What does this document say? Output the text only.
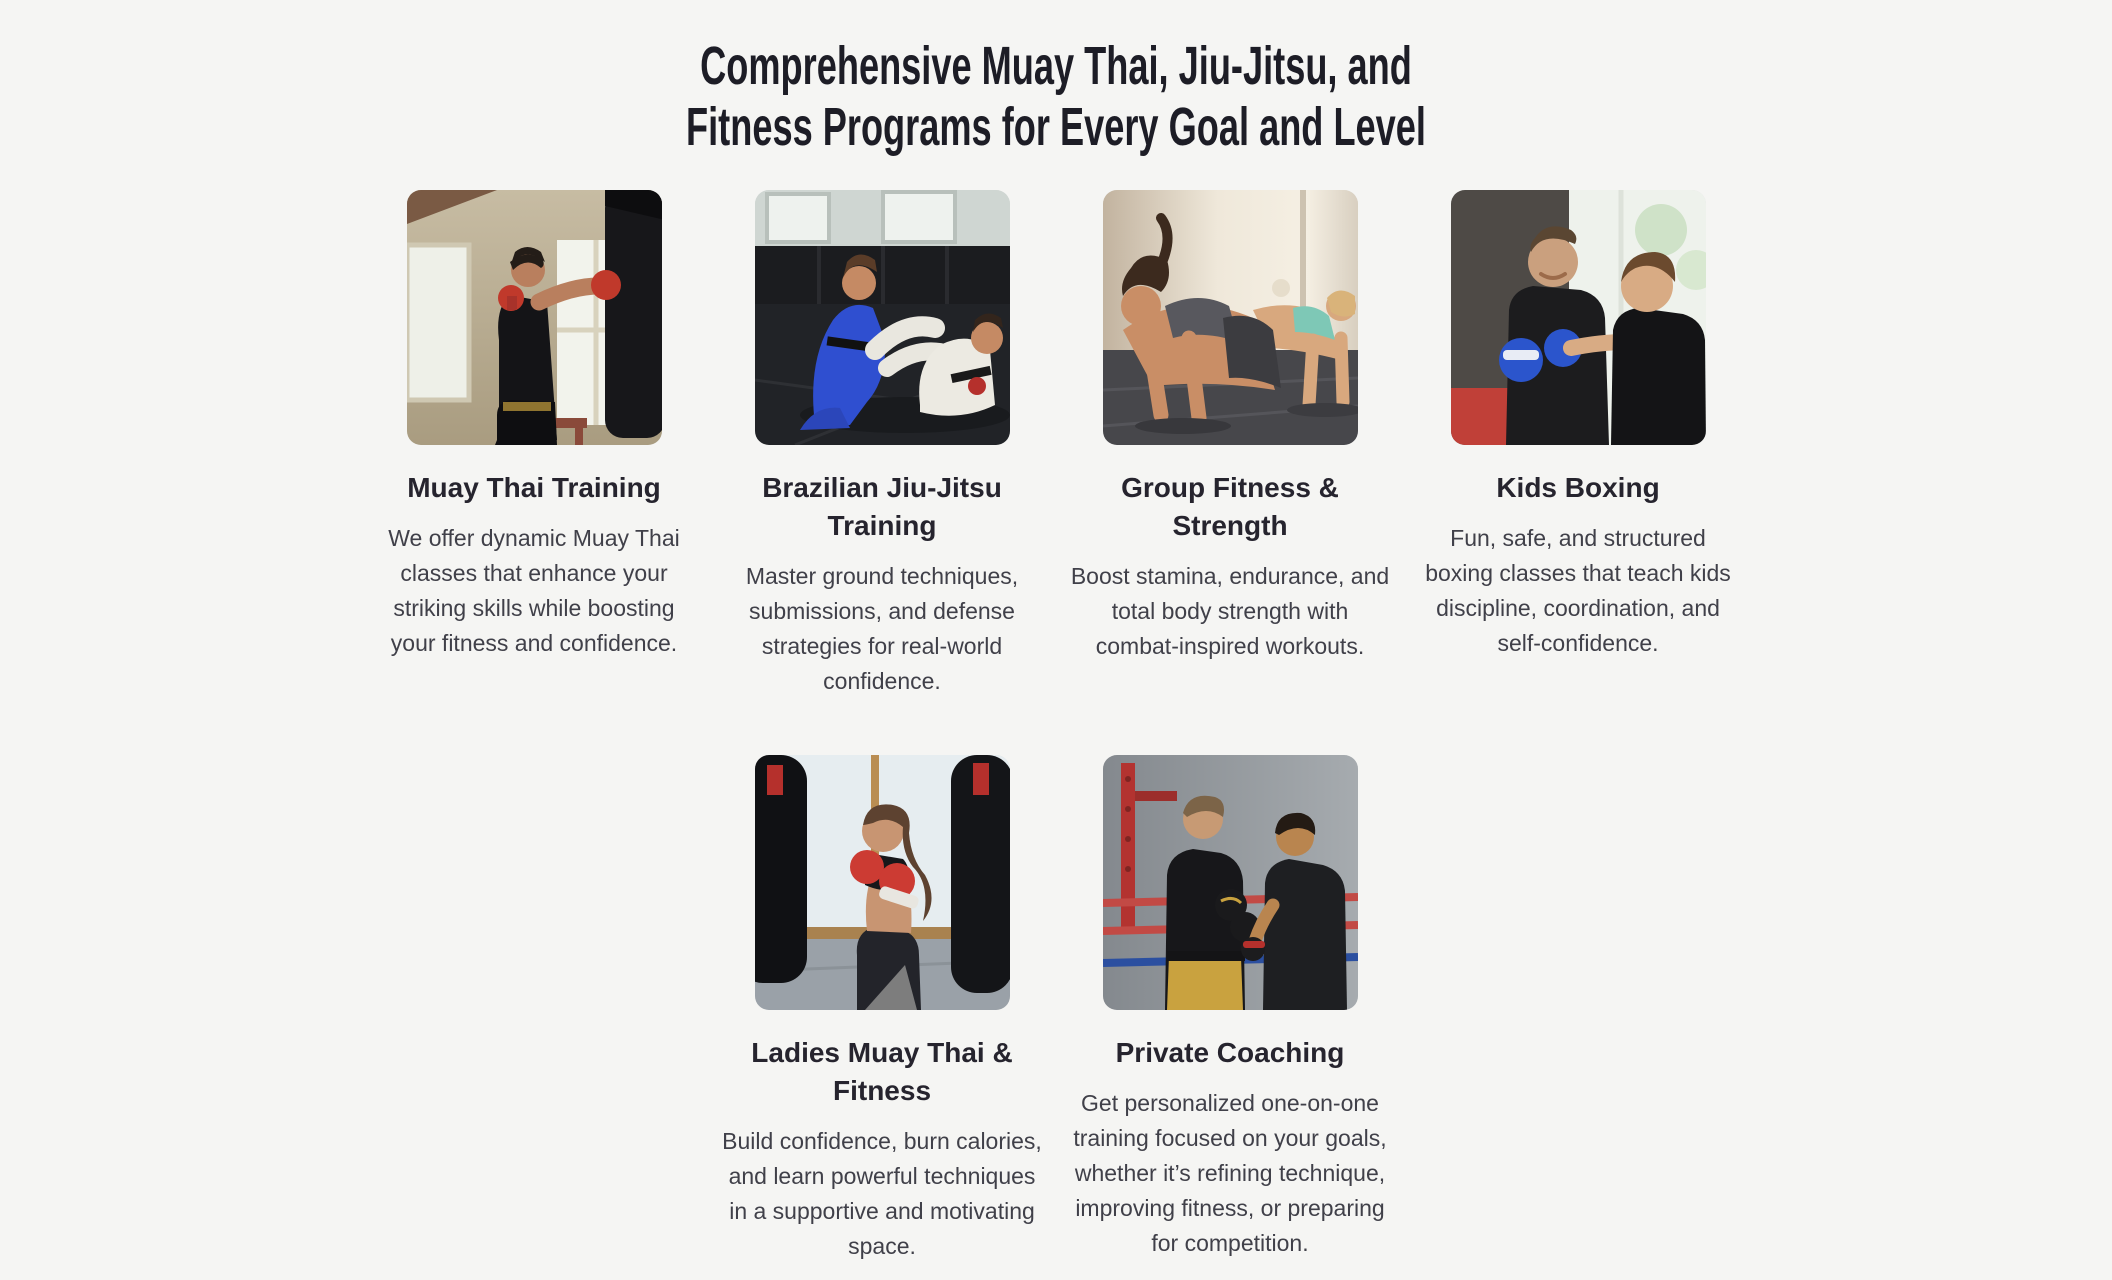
Comprehensive Muay Thai, Jiu-Jitsu, and
Fitness Programs for Every Goal and Level
Muay Thai Training

We offer dynamic Muay Thai classes that enhance your striking skills while boosting your fitness and confidence.

Brazilian Jiu-Jitsu Training

Master ground techniques, submissions, and defense strategies for real-world confidence.

Group Fitness & Strength

Boost stamina, endurance, and total body strength with combat-inspired workouts.

Kids Boxing

Fun, safe, and structured boxing classes that teach kids discipline, coordination, and self-confidence.

Ladies Muay Thai & Fitness

Build confidence, burn calories, and learn powerful techniques in a supportive and motivating space.

Private Coaching

Get personalized one-on-one training focused on your goals, whether it’s refining technique, improving fitness, or preparing for competition.
